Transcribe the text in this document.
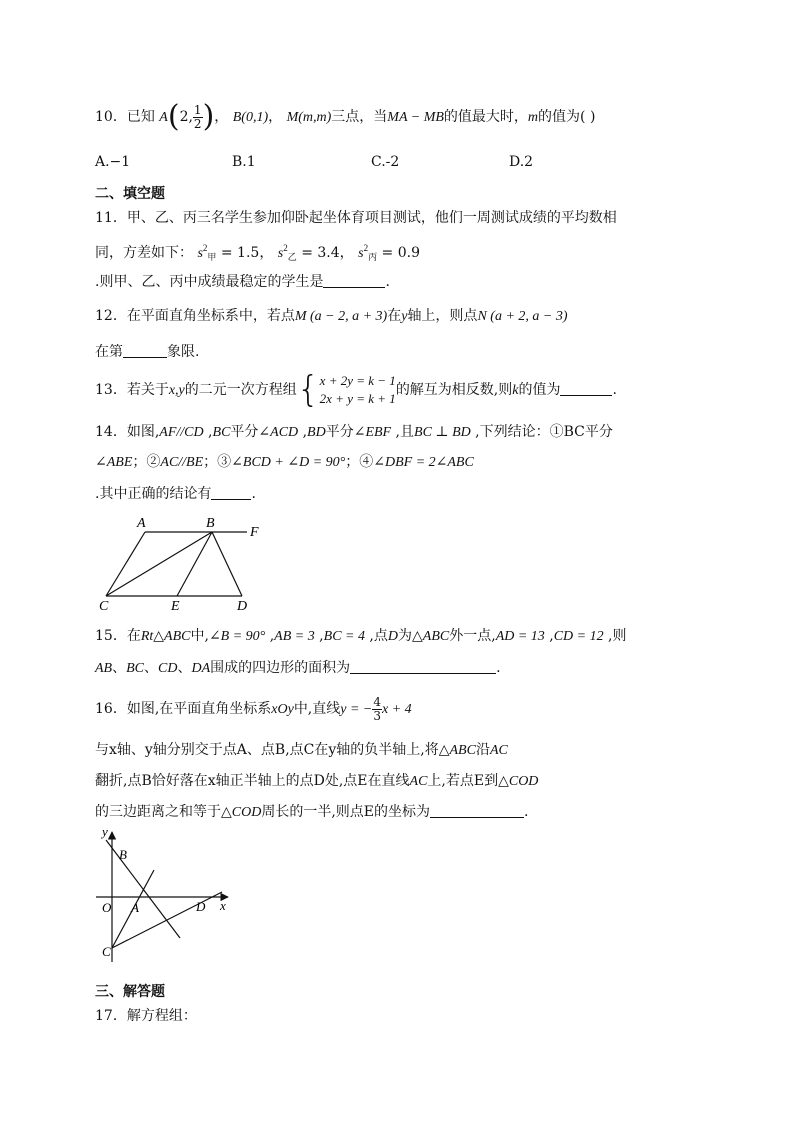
10．已知 A(2, $\frac{1}{2}$ )， B(0,1)， M(m,m)三点，当MA − MB的值最大时，m的值为( )
A.−1	B.1	C.-2	D.2
二、填空题
11．甲、乙、丙三名学生参加仰卧起坐体育项目测试，他们一周测试成绩的平均数相
同，方差如下： $s^2_甲 = 1.5$， $s^2_乙 = 3.4$， $s^2_丙 = 0.9$
.则甲、乙、丙中成绩最稳定的学生是	.
12．在平面直角坐标系中，若点M (a − 2, a + 3)在y轴上，则点N (a + 2, a − 3)
在第	象限.
13．若关于x,y的二元一次方程组{ x + 2y = k − 1
2x + y = k + 1
的解互为相反数,则k的值为	.
14．如图,AF//CD ,BC平分∠ACD ,BD平分∠EBF ,且BC ⊥ BD ,下列结论：①BC平分
∠ABE；②AC//BE；③∠BCD + ∠D = 90°；④∠DBF = 2∠ABC
.其中正确的结论有	.
A	B
F
C	E	D
15．在Rt△ABC中,∠B = 90° ,AB = 3 ,BC = 4 ,点D为△ABC外一点,AD = 13 ,CD = 12 ,则
AB、BC、CD、DA围成的四边形的面积为	.
16．如图,在平面直角坐标系xOy中,直线y = − $\frac{4}{3}$ x + 4
与x轴、y轴分别交于点A、点B,点C在y轴的负半轴上,将△ABC沿AC
翻折,点B恰好落在x轴正半轴上的点D处,点E在直线AC上,若点E到△COD
的三边距离之和等于△COD周长的一半,则点E的坐标为	.
y
B
O A	D x
C
三、解答题
17．解方程组：
